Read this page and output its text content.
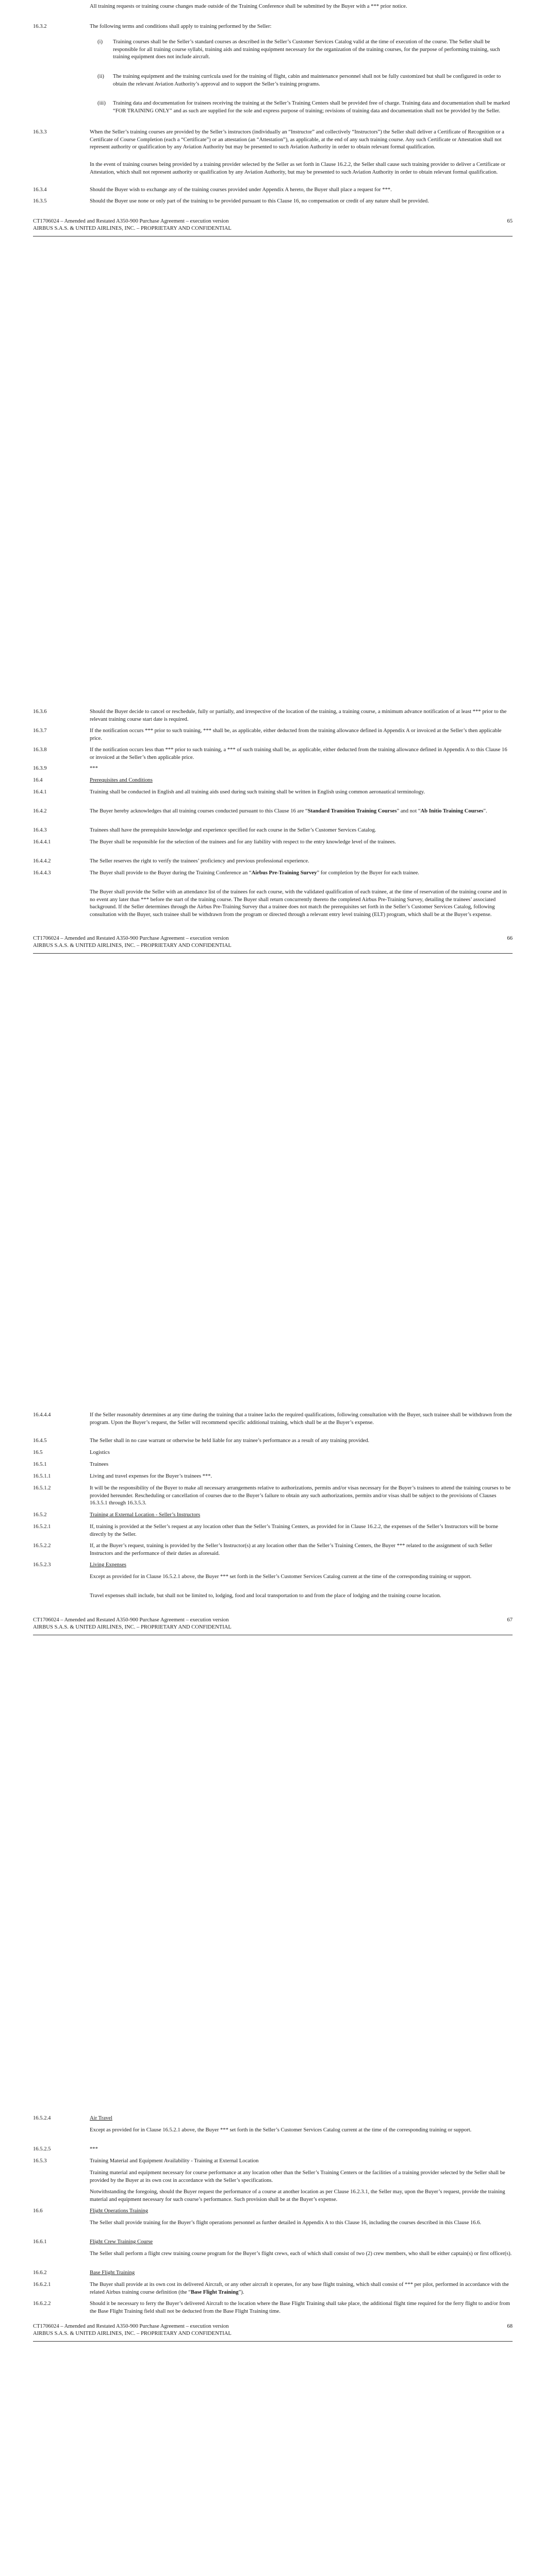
All training requests or training course changes made outside of the Training Conference shall be submitted by the Buyer with a *** prior notice.
16.3.2	The following terms and conditions shall apply to training performed by the Seller:
(i) Training courses shall be the Seller’s standard courses as described in the Seller’s Customer Services Catalog valid at the time of execution of the course. The Seller shall be responsible for all training course syllabi, training aids and training equipment necessary for the organization of the training courses, for the purpose of performing training, such training equipment does not include aircraft.
(ii) The training equipment and the training curricula used for the training of flight, cabin and maintenance personnel shall not be fully customized but shall be configured in order to obtain the relevant Aviation Authority’s approval and to support the Seller’s training programs.
(iii) Training data and documentation for trainees receiving the training at the Seller’s Training Centers shall be provided free of charge. Training data and documentation shall be marked “FOR TRAINING ONLY” and as such are supplied for the sole and express purpose of training; revisions of training data and documentation shall not be provided by the Seller.
16.3.3	When the Seller’s training courses are provided by the Seller’s instructors (individually an “Instructor” and collectively “Instructors”) the Seller shall deliver a Certificate of Recognition or a Certificate of Course Completion (each a “Certificate”) or an attestation (an “Attestation”), as applicable, at the end of any such training course. Any such Certificate or Attestation shall not represent authority or qualification by any Aviation Authority but may be presented to such Aviation Authority in order to obtain relevant formal qualification.
In the event of training courses being provided by a training provider selected by the Seller as set forth in Clause 16.2.2, the Seller shall cause such training provider to deliver a Certificate or Attestation, which shall not represent authority or qualification by any Aviation Authority, but may be presented to such Aviation Authority in order to obtain relevant formal qualification.
16.3.4	Should the Buyer wish to exchange any of the training courses provided under Appendix A hereto, the Buyer shall place a request for ***.
16.3.5	Should the Buyer use none or only part of the training to be provided pursuant to this Clause 16, no compensation or credit of any nature shall be provided.
CT1706024 – Amended and Restated A350-900 Purchase Agreement – execution version
AIRBUS S.A.S. & UNITED AIRLINES, INC. – PROPRIETARY AND CONFIDENTIAL
65
16.3.6	Should the Buyer decide to cancel or reschedule, fully or partially, and irrespective of the location of the training, a training course, a minimum advance notification of at least *** prior to the relevant training course start date is required.
16.3.7	If the notification occurs *** prior to such training, *** shall be, as applicable, either deducted from the training allowance defined in Appendix A or invoiced at the Seller’s then applicable price.
16.3.8	If the notification occurs less than *** prior to such training, a *** of such training shall be, as applicable, either deducted from the training allowance defined in Appendix A to this Clause 16 or invoiced at the Seller’s then applicable price.
16.3.9	***
16.4	Prerequisites and Conditions
16.4.1	Training shall be conducted in English and all training aids used during such training shall be written in English using common aeronautical terminology.
16.4.2	The Buyer hereby acknowledges that all training courses conducted pursuant to this Clause 16 are “Standard Transition Training Courses” and not “Ab Initio Training Courses”.
16.4.3	Trainees shall have the prerequisite knowledge and experience specified for each course in the Seller’s Customer Services Catalog.
16.4.4.1	The Buyer shall be responsible for the selection of the trainees and for any liability with respect to the entry knowledge level of the trainees.
16.4.4.2	The Seller reserves the right to verify the trainees’ proficiency and previous professional experience.
16.4.4.3	The Buyer shall provide to the Buyer during the Training Conference an “Airbus Pre-Training Survey” for completion by the Buyer for each trainee.
The Buyer shall provide the Seller with an attendance list of the trainees for each course, with the validated qualification of each trainee, at the time of reservation of the training course and in no event any later than *** before the start of the training course. The Buyer shall return concurrently thereto the completed Airbus Pre-Training Survey, detailing the trainees’ associated background. If the Seller determines through the Airbus Pre-Training Survey that a trainee does not match the prerequisites set forth in the Seller’s Customer Services Catalog, following consultation with the Buyer, such trainee shall be withdrawn from the program or directed through a relevant entry level training (ELT) program, which shall be at the Buyer’s expense.
CT1706024 – Amended and Restated A350-900 Purchase Agreement – execution version
AIRBUS S.A.S. & UNITED AIRLINES, INC. – PROPRIETARY AND CONFIDENTIAL
66
16.4.4.4	If the Seller reasonably determines at any time during the training that a trainee lacks the required qualifications, following consultation with the Buyer, such trainee shall be withdrawn from the program. Upon the Buyer’s request, the Seller will recommend specific additional training, which shall be at the Buyer’s expense.
16.4.5	The Seller shall in no case warrant or otherwise be held liable for any trainee’s performance as a result of any training provided.
16.5	Logistics
16.5.1	Trainees
16.5.1.1	Living and travel expenses for the Buyer’s trainees ***.
16.5.1.2	It will be the responsibility of the Buyer to make all necessary arrangements relative to authorizations, permits and/or visas necessary for the Buyer’s trainees to attend the training courses to be provided hereunder. Rescheduling or cancellation of courses due to the Buyer’s failure to obtain any such authorizations, permits and/or visas shall be subject to the provisions of Clauses 16.3.5.1 through 16.3.5.3.
16.5.2	Training at External Location - Seller’s Instructors
16.5.2.1	If, training is provided at the Seller’s request at any location other than the Seller’s Training Centers, as provided for in Clause 16.2.2, the expenses of the Seller’s Instructors will be borne directly by the Seller.
16.5.2.2	If, at the Buyer’s request, training is provided by the Seller’s Instructor(s) at any location other than the Seller’s Training Centers, the Buyer *** related to the assignment of such Seller Instructors and the performance of their duties as aforesaid.
16.5.2.3	Living Expenses
Except as provided for in Clause 16.5.2.1 above, the Buyer *** set forth in the Seller’s Customer Services Catalog current at the time of the corresponding training or support.
Travel expenses shall include, but shall not be limited to, lodging, food and local transportation to and from the place of lodging and the training course location.
CT1706024 – Amended and Restated A350-900 Purchase Agreement – execution version
AIRBUS S.A.S. & UNITED AIRLINES, INC. – PROPRIETARY AND CONFIDENTIAL
67
16.5.2.4	Air Travel
Except as provided for in Clause 16.5.2.1 above, the Buyer *** set forth in the Seller’s Customer Services Catalog current at the time of the corresponding training or support.
16.5.2.5	***
16.5.3	Training Material and Equipment Availability - Training at External Location
Training material and equipment necessary for course performance at any location other than the Seller’s Training Centers or the facilities of a training provider selected by the Seller shall be provided by the Buyer at its own cost in accordance with the Seller’s specifications.
Notwithstanding the foregoing, should the Buyer request the performance of a course at another location as per Clause 16.2.3.1, the Seller may, upon the Buyer’s request, provide the training material and equipment necessary for such course’s performance. Such provision shall be at the Buyer’s expense.
16.6	Flight Operations Training
The Seller shall provide training for the Buyer’s flight operations personnel as further detailed in Appendix A to this Clause 16, including the courses described in this Clause 16.6.
16.6.1	Flight Crew Training Course
The Seller shall perform a flight crew training course program for the Buyer’s flight crews, each of which shall consist of two (2) crew members, who shall be either captain(s) or first officer(s).
16.6.2	Base Flight Training
16.6.2.1	The Buyer shall provide at its own cost its delivered Aircraft, or any other aircraft it operates, for any base flight training, which shall consist of *** per pilot, performed in accordance with the related Airbus training course definition (the “Base Flight Training”).
16.6.2.2	Should it be necessary to ferry the Buyer’s delivered Aircraft to the location where the Base Flight Training shall take place, the additional flight time required for the ferry flight to and/or from the Base Flight Training field shall not be deducted from the Base Flight Training time.
CT1706024 – Amended and Restated A350-900 Purchase Agreement – execution version
AIRBUS S.A.S. & UNITED AIRLINES, INC. – PROPRIETARY AND CONFIDENTIAL
68
